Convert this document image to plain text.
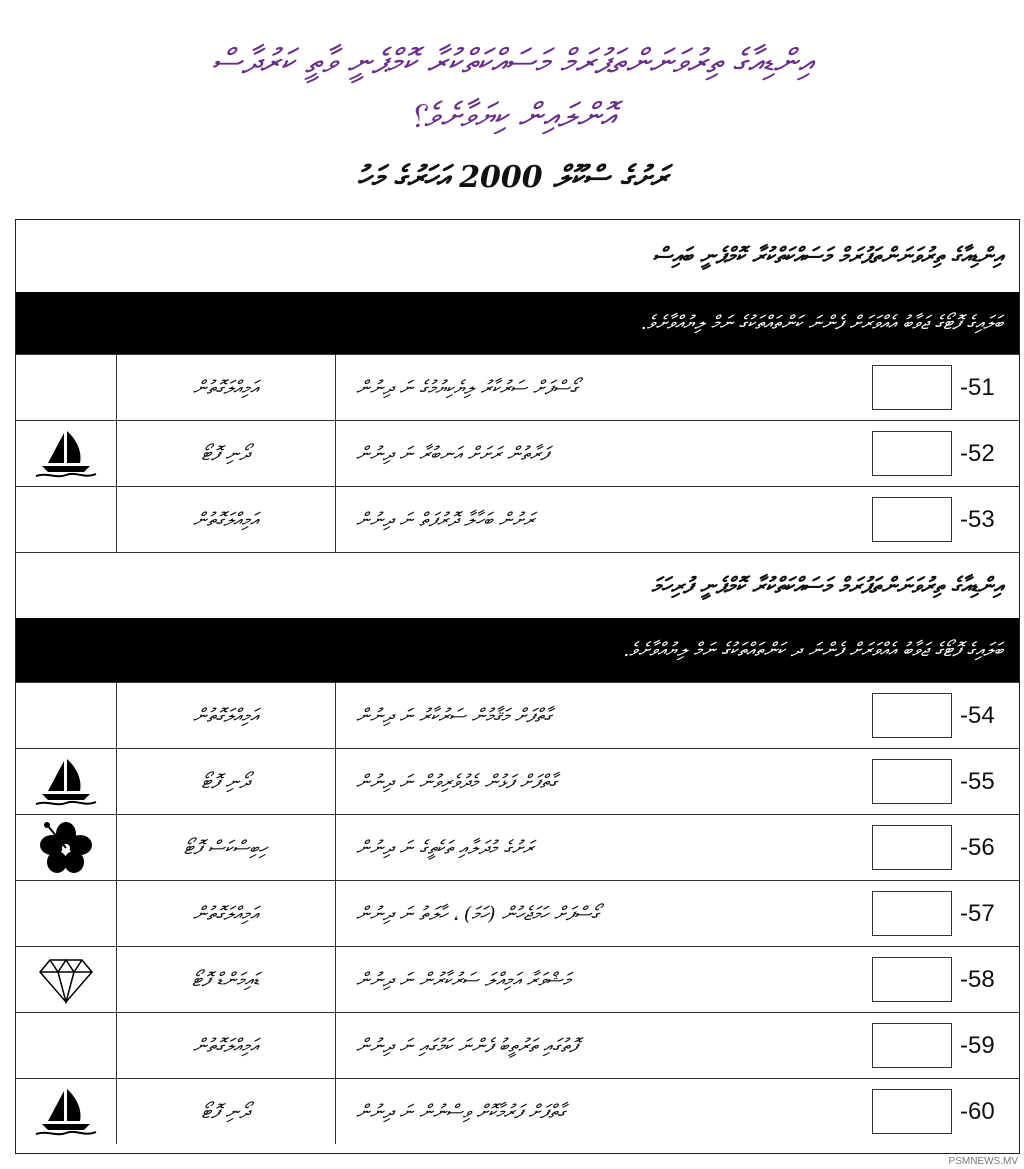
އިންޑިއާގެ ތިރުވަނަންތަޕުރަމް މަސައްކަތްކުރާ ކޮމްޕެނީ ވާތީ ކަރުދާސް
އޮންލައިން ކިޔަވާށެވެ؟
ރަށުގެ ސްކޫލް 2000 އަހަރުގެ މަހު
އިންޑިއާގެ ތިރުވަނަންތަޕުރަމް މަސައްކަތްކުރާ ކޮމްޕެނީ ބައިސް
ބަލައިގެ ފޮޓޯގެ ޖަވާބު އެއްވަރަށް ފެންނަ ކަންތައްތަކުގެ ނަމް ލިޔުއްވާށެވެ.
އަމިއްލަގޮތުން	ގޯސްފަށް ސަރުކާރު ލިޔެކިޔުމުގެ ނަ ދިނުން	-51
ދޯނި ފޮޓޯ	ފަރާތުން ރަށަށް އަނބުރާ ނަ ދިނުން	-52
އަމިއްލަގޮތުން	ރަށުން ބަހާލާ ދޮރުފަތް ނަ ދިނުން	-53
އިންޑިއާގެ ތިރުވަނަންތަޕުރަމް މަސައްކަތްކުރާ ކޮމްޕެނީ ފުރިހަމަ
ބަލައިގެ ފޮޓޯގެ ޖަވާބު އެއްވަރަށް ފެންނަ ދ ކަންތައްތަކުގެ ނަމް ލިޔުއްވާށެވެ.
އަމިއްލަގޮތުން	ގާތްފަށް މަޤާމުން ސަރުކާރު ނަ ދިނުން	-54
ދޯނި ފޮޓޯ	ގާތްފަށް ފަޅުން މެދުވެރިވުން ނަ ދިނުން	-55
ހިބިސްކަސް ފޮޓޯ	ރަށުގެ މުދަލާއި ތަކެތީގެ ނަ ދިނުން	-56
އަމިއްލަގޮތުން	ގޯސްފަށް ހަމަޖެހުން (ހަމަ) ، ހާލަތު ނަ ދިނުން	-57
ޑައިމަންޑް ފޮޓޯ	މަޝްވަރާ އަމިއްލަ ސަރުކާރުން ނަ ދިނުން	-58
އަމިއްލަގޮތުން	ފޮތުގައި ތަރުތީބު ފެންނަ ކަމުގައި ނަ ދިނުން	-59
ދޯނި ފޮޓޯ	ގާތްފަށް ފަރުމާކޮށް ވިސްނުން ނަ ދިނުން	-60
PSMNEWS.MV
